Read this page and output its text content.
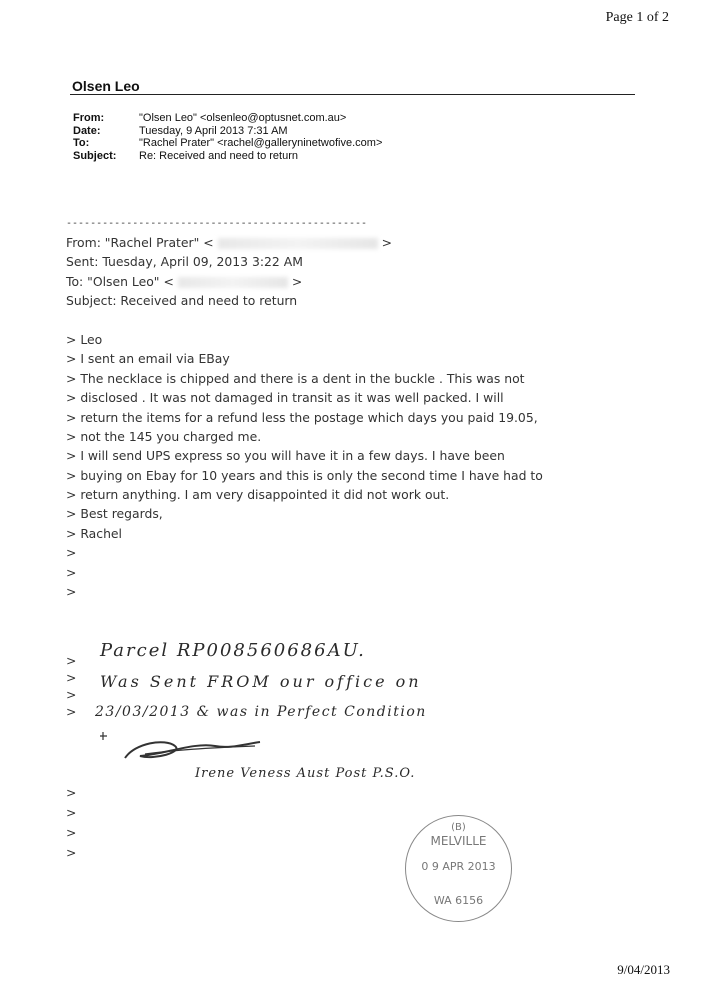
Page 1 of 2
Olsen Leo
From:	"Olsen Leo" <olsenleo@optusnet.com.au>
Date:	Tuesday, 9 April 2013 7:31 AM
To:	"Rachel Prater" <rachel@gallerynine​twofive.com>
Subject:	Re: Received and need to return
--------------------------------------------------
From: "Rachel Prater" <	>
Sent: Tuesday, April 09, 2013 3:22 AM
To: "Olsen Leo" <	>
Subject: Received and need to return
> Leo
> I sent an email via EBay
> The necklace is chipped and there is a dent in the buckle . This was not
> disclosed . It was not damaged in transit as it was well packed. I will
> return the items for a refund less the postage which days you paid 19.05,
> not the 145 you charged me.
> I will send UPS express so you will have it in a few days. I have been
> buying on Ebay for 10 years and this is only the second time I have had to
> return anything. I am very disappointed it did not work out.
> Best regards,
> Rachel
>
>
>
>
>
>
>
Parcel RP008560686AU.
Was Sent FROM our office on
23/03/2013 & was in Perfect Condition
Irene Veness Aust Post P.S.O.
>
>
>
>
(B)
MELVILLE
0 9 APR 2013
WA 6156
9/04/2013
